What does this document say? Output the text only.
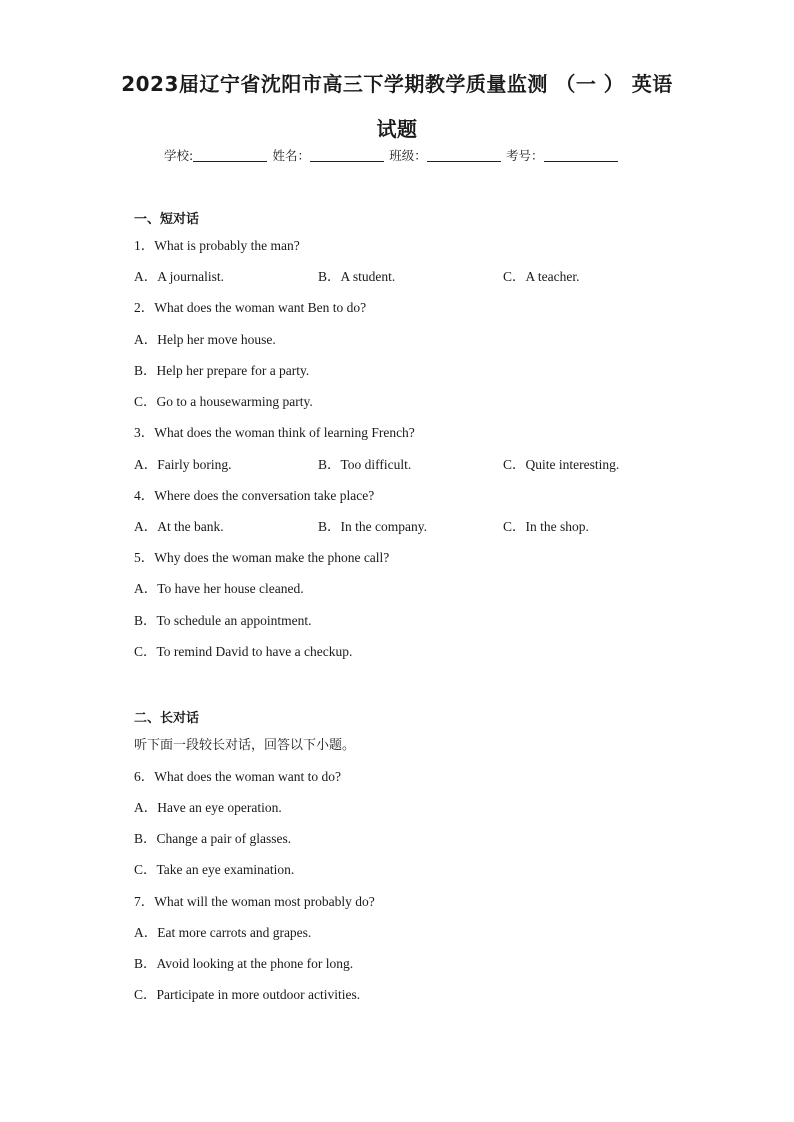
2023届辽宁省沈阳市高三下学期教学质量监测 （一 ） 英语
试题
学校:	姓名：	班级：	考号：
一、短对话
1．What is probably the man?
A．A journalist.	B．A student.	C．A teacher.
2．What does the woman want Ben to do?
A．Help her move house.
B．Help her prepare for a party.
C．Go to a housewarming party.
3．What does the woman think of learning French?
A．Fairly boring.	B．Too difficult.	C．Quite interesting.
4．Where does the conversation take place?
A．At the bank.	B．In the company.	C．In the shop.
5．Why does the woman make the phone call?
A．To have her house cleaned.
B．To schedule an appointment.
C．To remind David to have a checkup.
二、长对话
听下面一段较长对话，回答以下小题。
6．What does the woman want to do?
A．Have an eye operation.
B．Change a pair of glasses.
C．Take an eye examination.
7．What will the woman most probably do?
A．Eat more carrots and grapes.
B．Avoid looking at the phone for long.
C．Participate in more outdoor activities.
